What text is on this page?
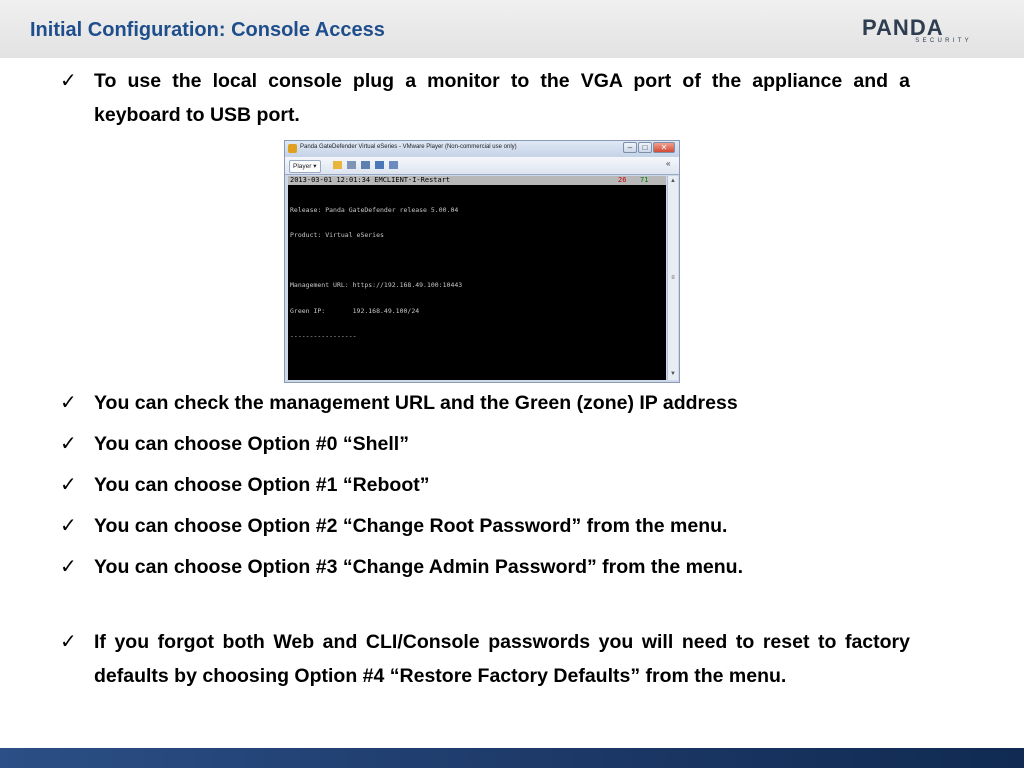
Initial Configuration: Console Access	PANDA
SECURITY
✓ To use the local console plug a monitor to the VGA port of the appliance and a keyboard to USB port.
Panda GateDefender Virtual eSeries - VMware Player (Non-commercial use only)	–	□	✕
Player ▾	«
2013-03-01 12:01:34 EMCLIENT-I-Restart	26 71

Release: Panda GateDefender release 5.00.04

Product: Virtual eSeries

Management URL: https://192.168.49.100:10443

Green IP:       192.168.49.100/24

-----------------

▲
≡
▼
✓ You can check the management URL and the Green (zone) IP address
✓ You can choose Option #0 “Shell”
✓ You can choose Option #1 “Reboot”
✓ You can choose Option #2 “Change Root Password” from the menu.
✓ You can choose Option #3 “Change Admin Password” from the menu.
✓ If you forgot both Web and CLI/Console passwords you will need to reset to factory defaults by choosing Option #4 “Restore Factory Defaults” from the menu.
